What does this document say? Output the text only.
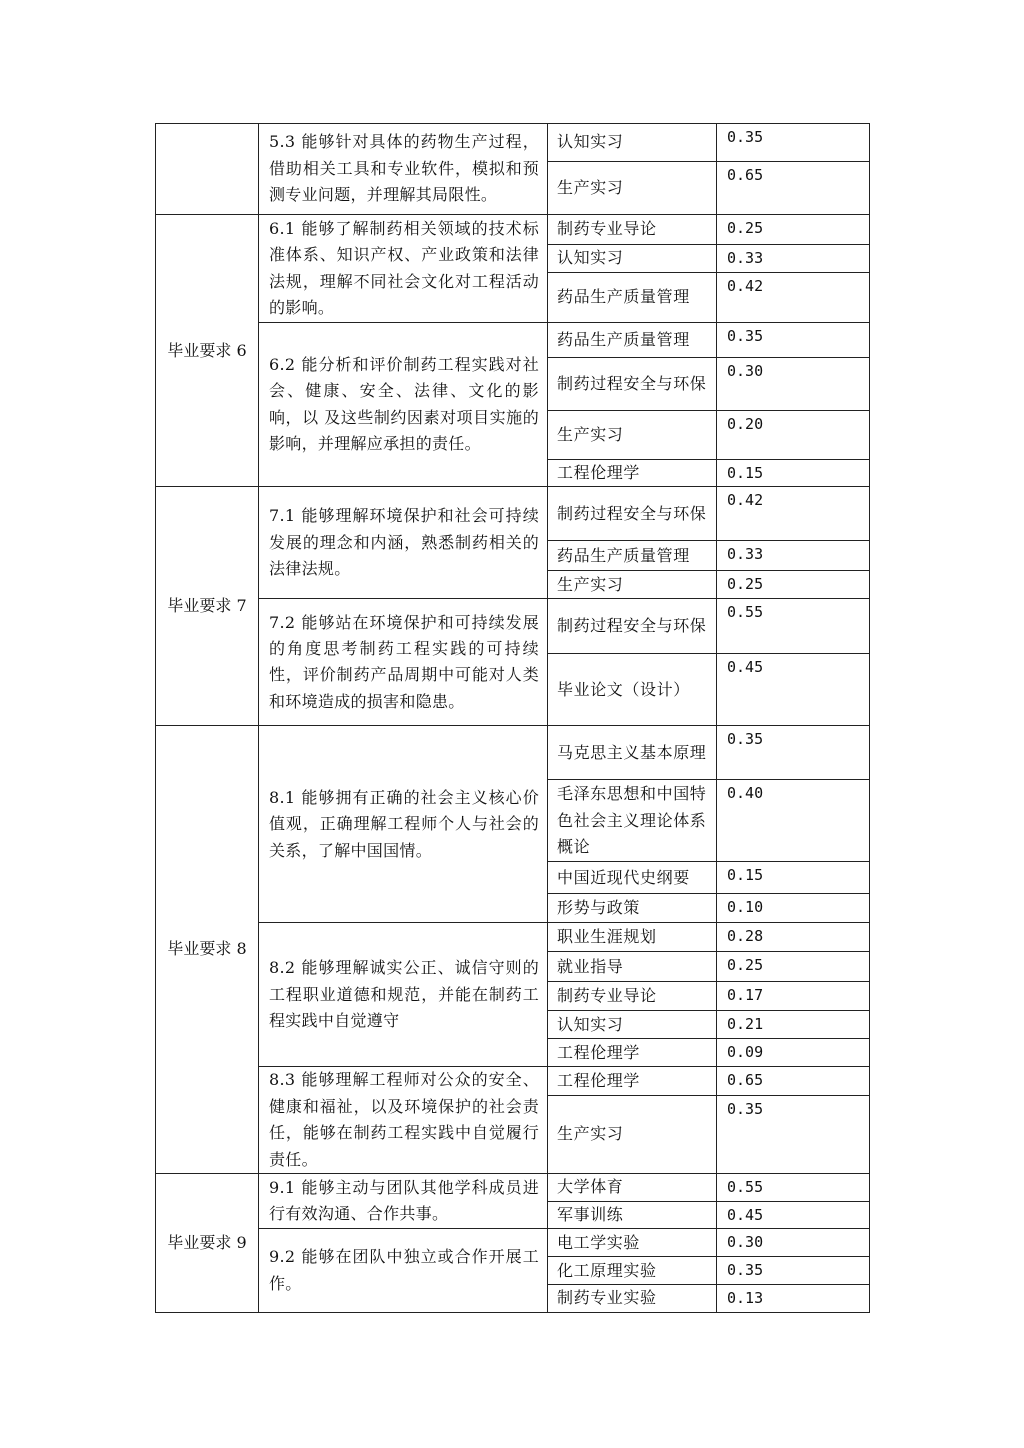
	5.3 能够针对具体的药物生产过程，借助相关工具和专业软件，模拟和预测专业问题，并理解其局限性。	认知实习	0.35
		生产实习	0.65
毕业要求 6	6.1 能够了解制药相关领域的技术标准体系、知识产权、产业政策和法律法规，理解不同社会文化对工程活动的影响。	制药专业导论	0.25
		认知实习	0.33
		药品生产质量管理	0.42
	6.2 能分析和评价制药工程实践对社会、健康、安全、法律、文化的影响，以 及这些制约因素对项目实施的影响，并理解应承担的责任。	药品生产质量管理	0.35
		制药过程安全与环保	0.30
		生产实习	0.20
		工程伦理学	0.15
毕业要求 7	7.1 能够理解环境保护和社会可持续发展的理念和内涵，熟悉制药相关的法律法规。	制药过程安全与环保	0.42
		药品生产质量管理	0.33
		生产实习	0.25
	7.2 能够站在环境保护和可持续发展的角度思考制药工程实践的可持续性，评价制药产品周期中可能对人类和环境造成的损害和隐患。	制药过程安全与环保	0.55
		毕业论文（设计）	0.45
毕业要求 8	8.1 能够拥有正确的社会主义核心价值观，正确理解工程师个人与社会的关系，了解中国国情。	马克思主义基本原理	0.35
		毛泽东思想和中国特色社会主义理论体系概论	0.40
		中国近现代史纲要	0.15
		形势与政策	0.10
	8.2 能够理解诚实公正、诚信守则的工程职业道德和规范，并能在制药工程实践中自觉遵守	职业生涯规划	0.28
		就业指导	0.25
		制药专业导论	0.17
		认知实习	0.21
		工程伦理学	0.09
	8.3 能够理解工程师对公众的安全、健康和福祉，以及环境保护的社会责任，能够在制药工程实践中自觉履行责任。	工程伦理学	0.65
		生产实习	0.35
毕业要求 9	9.1 能够主动与团队其他学科成员进行有效沟通、合作共事。	大学体育	0.55
		军事训练	0.45
	9.2 能够在团队中独立或合作开展工作。	电工学实验	0.30
		化工原理实验	0.35
		制药专业实验	0.13
